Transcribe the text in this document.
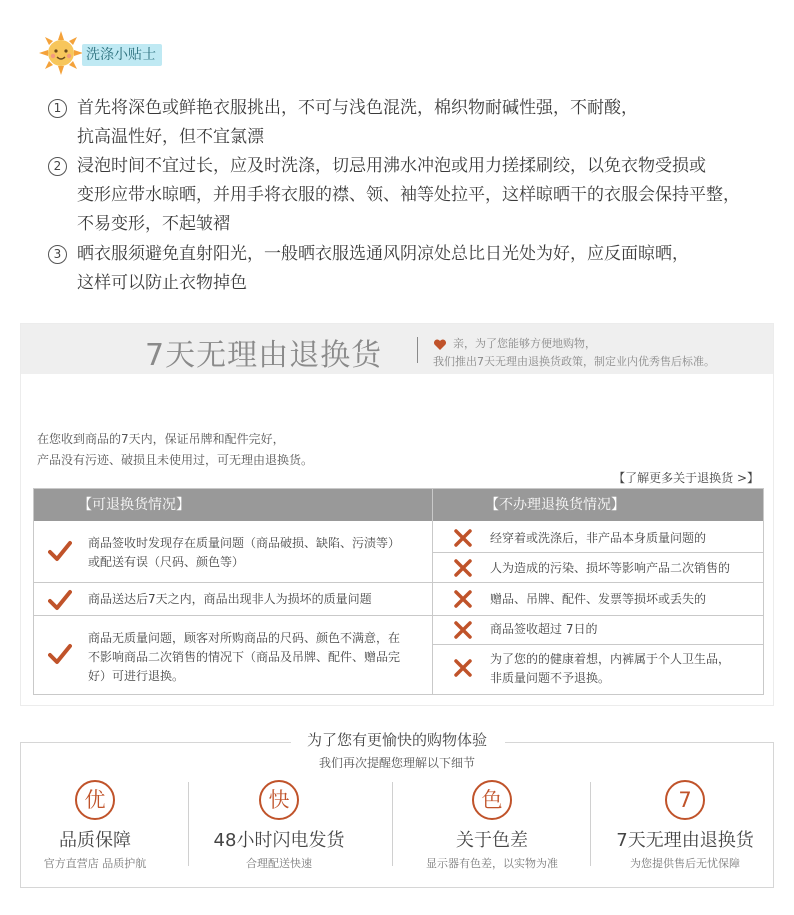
洗涤小贴士
1 首先将深色或鲜艳衣服挑出，不可与浅色混洗，棉织物耐碱性强，不耐酸，
抗高温性好，但不宜氯漂
2 浸泡时间不宜过长，应及时洗涤，切忌用沸水冲泡或用力搓揉刷绞，以免衣物受损或
变形应带水晾晒，并用手将衣服的襟、领、袖等处拉平，这样晾晒干的衣服会保持平整，
不易变形，不起皱褶
3 晒衣服须避免直射阳光，一般晒衣服选通风阴凉处总比日光处为好，应反面晾晒，
这样可以防止衣物掉色
7天无理由退换货	亲，为了您能够方便地购物，
我们推出7天无理由退换货政策，制定业内优秀售后标准。
在您收到商品的7天内，保证吊牌和配件完好，
产品没有污迹、破损且未使用过，可无理由退换货。
【了解更多关于退换货 >】
【可退换货情况】	【不办理退换货情况】
商品签收时发现存在质量问题（商品破损、缺陷、污渍等）
或配送有误（尺码、颜色等）
商品送达后7天之内，商品出现非人为损坏的质量问题
商品无质量问题，顾客对所购商品的尺码、颜色不满意，在
不影响商品二次销售的情况下（商品及吊牌、配件、赠品完
好）可进行退换。
经穿着或洗涤后，非产品本身质量问题的
人为造成的污染、损坏等影响产品二次销售的
赠品、吊牌、配件、发票等损坏或丢失的
商品签收超过 7日的
为了您的的健康着想，内裤属于个人卫生品，
非质量问题不予退换。
为了您有更愉快的购物体验
我们再次提醒您理解以下细节
优
品质保障
官方直营店 品质护航
快
48小时闪电发货
合理配送快速
色
关于色差
显示器有色差，以实物为准
7
7天无理由退换货
为您提供售后无忧保障
